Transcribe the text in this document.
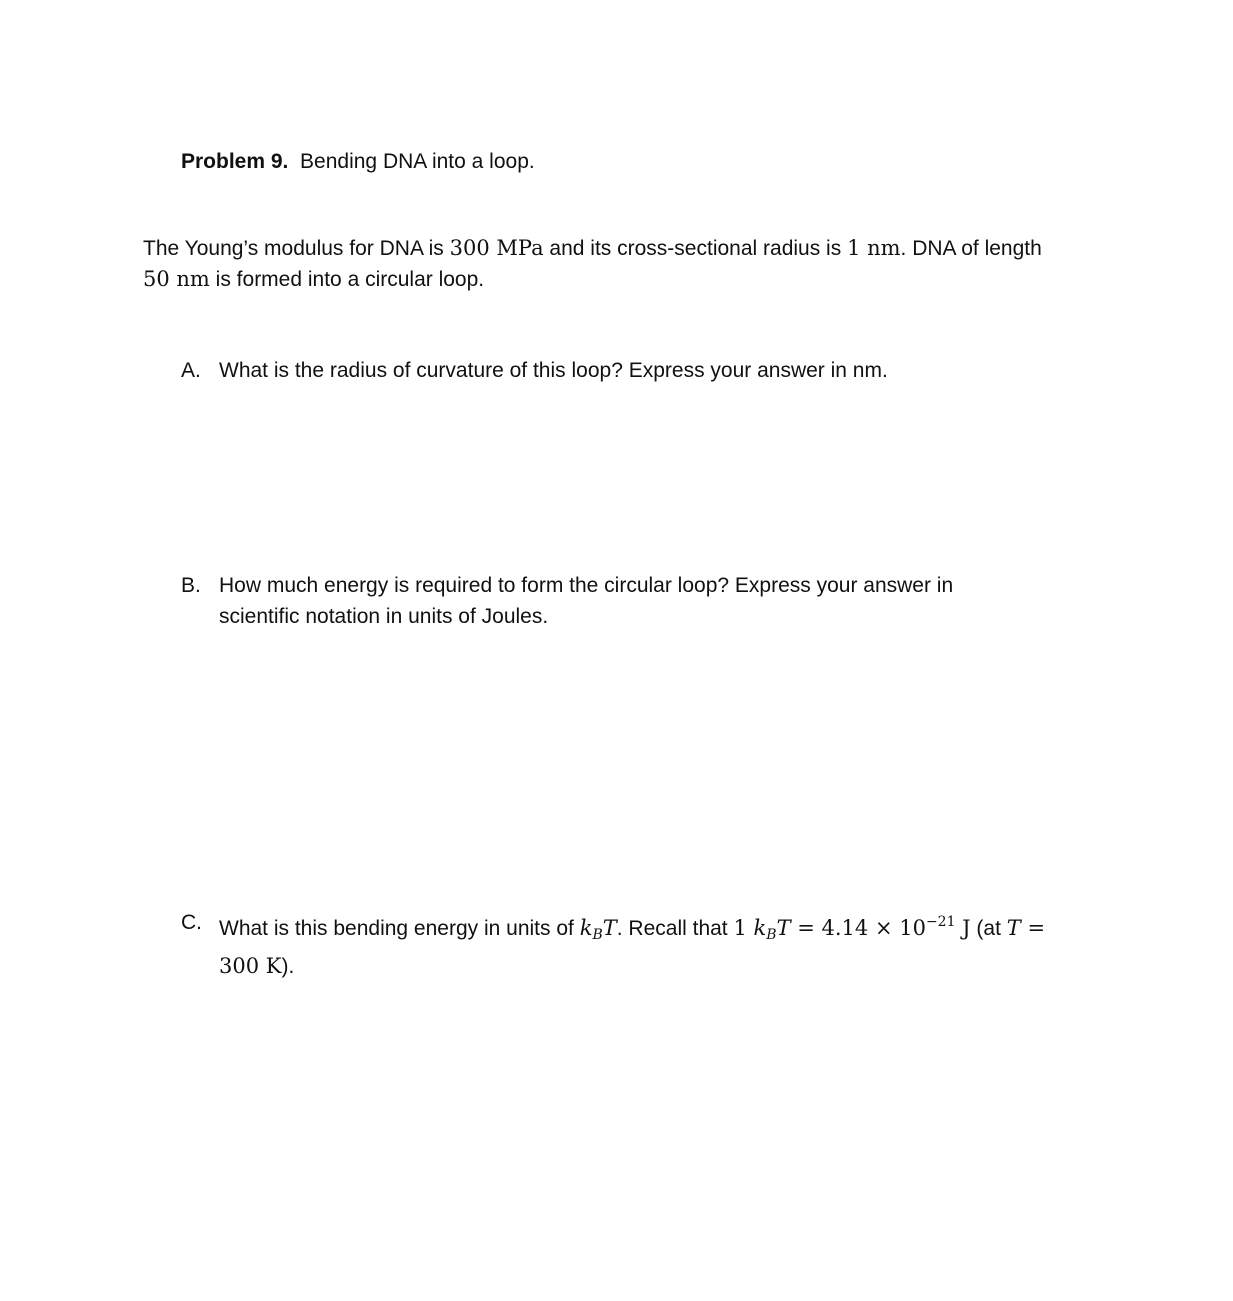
Problem 9. Bending DNA into a loop.
The Young’s modulus for DNA is 300 MPa and its cross-sectional radius is 1 nm. DNA of length
50 nm is formed into a circular loop.
A. What is the radius of curvature of this loop? Express your answer in nm.
B. How much energy is required to form the circular loop? Express your answer in scientific notation in units of Joules.
C. What is this bending energy in units of $k_BT$. Recall that 1 $k_BT = 4.14 \times 10^{-21}$ J (at T =
300 K).
